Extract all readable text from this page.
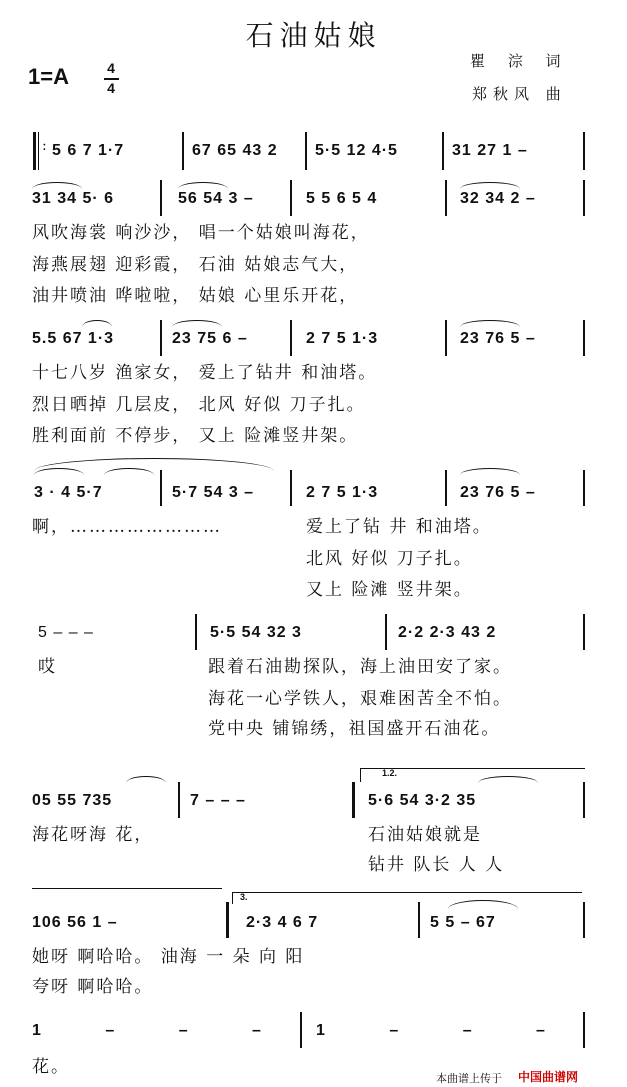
石油姑娘
瞿 淙 词
郑秋风 曲
1=A	4
4
: 5 6 7 1·7	67 65 43 2 5·5 12 4·5	31 27 1 –
31 34 5· 6	56 54 3 –	5 5 6 5 4	32 34 2 –
风吹海裳 响沙沙， 唱一个姑娘叫海花，
海燕展翅 迎彩霞， 石油 姑娘志气大，
油井喷油 哗啦啦， 姑娘 心里乐开花，
5.5 67 1·3	23 75 6 –	2 7 5 1·3	23 76 5 –
十七八岁 渔家女， 爱上了钻井 和油塔。
烈日晒掉 几层皮， 北风 好似 刀子扎。
胜利面前 不停步， 又上 险滩竖井架。
3 · 4 5·7	5·7 54 3 –	2 7 5 1·3	23 76 5 –
啊，……………………	爱上了钻 井 和油塔。
北风 好似 刀子扎。
又上 险滩 竖井架。
5 – – –	5·5 54 32 3	2·2 2·3 43 2
哎	跟着石油勘探队，海上油田安了家。
海花一心学铁人，艰难困苦全不怕。
党中央 铺锦绣，祖国盛开石油花。
1.2.
05 55 735	7 – – –	5·6 54 3·2 35
海花呀海 花，	石油姑娘就是
钻井 队长 人 人
3.
106 56 1 –	2·3 4 6 7	5 5 – 67
她呀 啊哈哈。 油海 一 朵 向 阳
夸呀 啊哈哈。
1 – – – 1 – – –
花。
本曲谱上传于 中国曲谱网
